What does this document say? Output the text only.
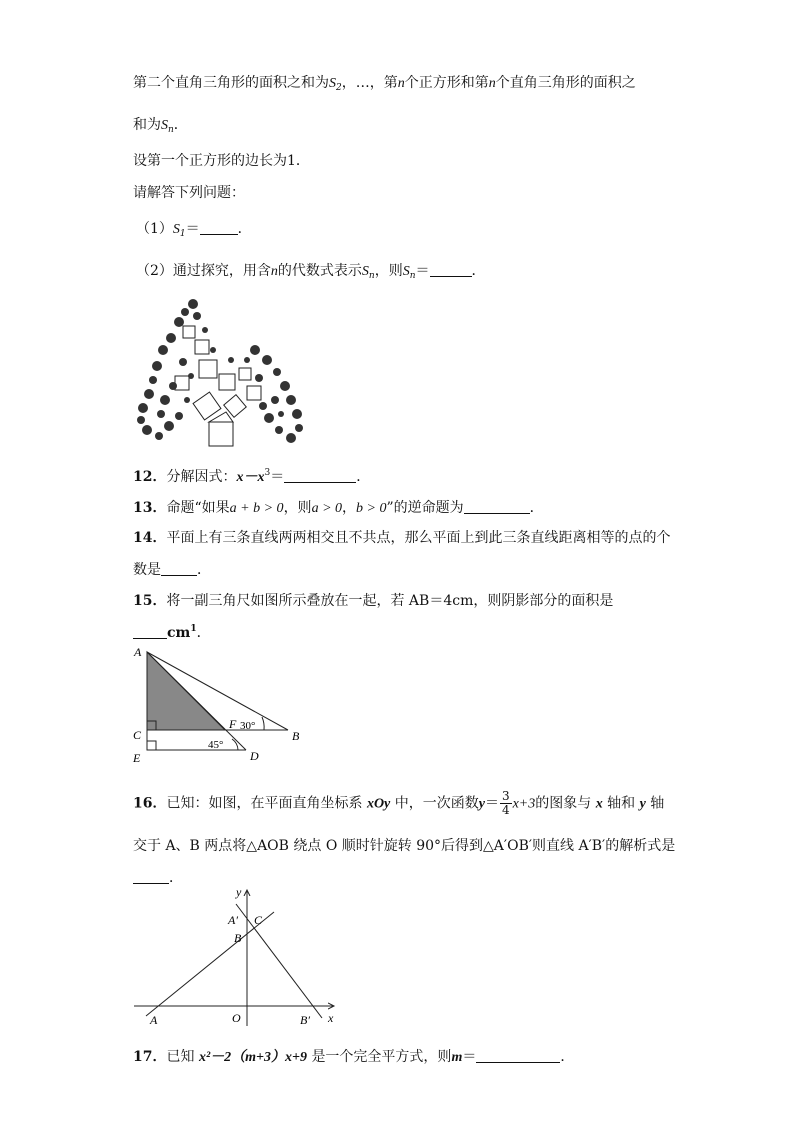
第二个直角三角形的面积之和为$S_2$，…，第n个正方形和第n个直角三角形的面积之
和为$S_n$．
设第一个正方形的边长为1．
请解答下列问题：
$(1)S_1=$	．
（2）通过探究，用含n的代数式表示$S_n$，则$S_n=$	．
12．分解因式：$x-x^3=$	．
13．命题“如果a + b > 0，则a > 0，b > 0”的逆命题为	．
14．平面上有三条直线两两相交且不共点，那么平面上到此三条直线距离相等的点的个
数是	．
15．将一副三角尺如图所示叠放在一起，若 AB＝4cm，则阴影部分的面积是
$cm^1$．
A
B
C
D
E
F 30°
45°
16．已知：如图，在平面直角坐标系 xOy 中，一次函数$y= \frac{3}{4} x+3$的图象与 x 轴和 y 轴
交于 A、B 两点将△AOB 绕点 O 顺时针旋转 90°后得到△A′OB′则直线 A′B′的解析式是
．
y
x
A′ C
B
A	O	B′
17．已知 x²－2（m+3）x+9 是一个完全平方式，则m＝	．
